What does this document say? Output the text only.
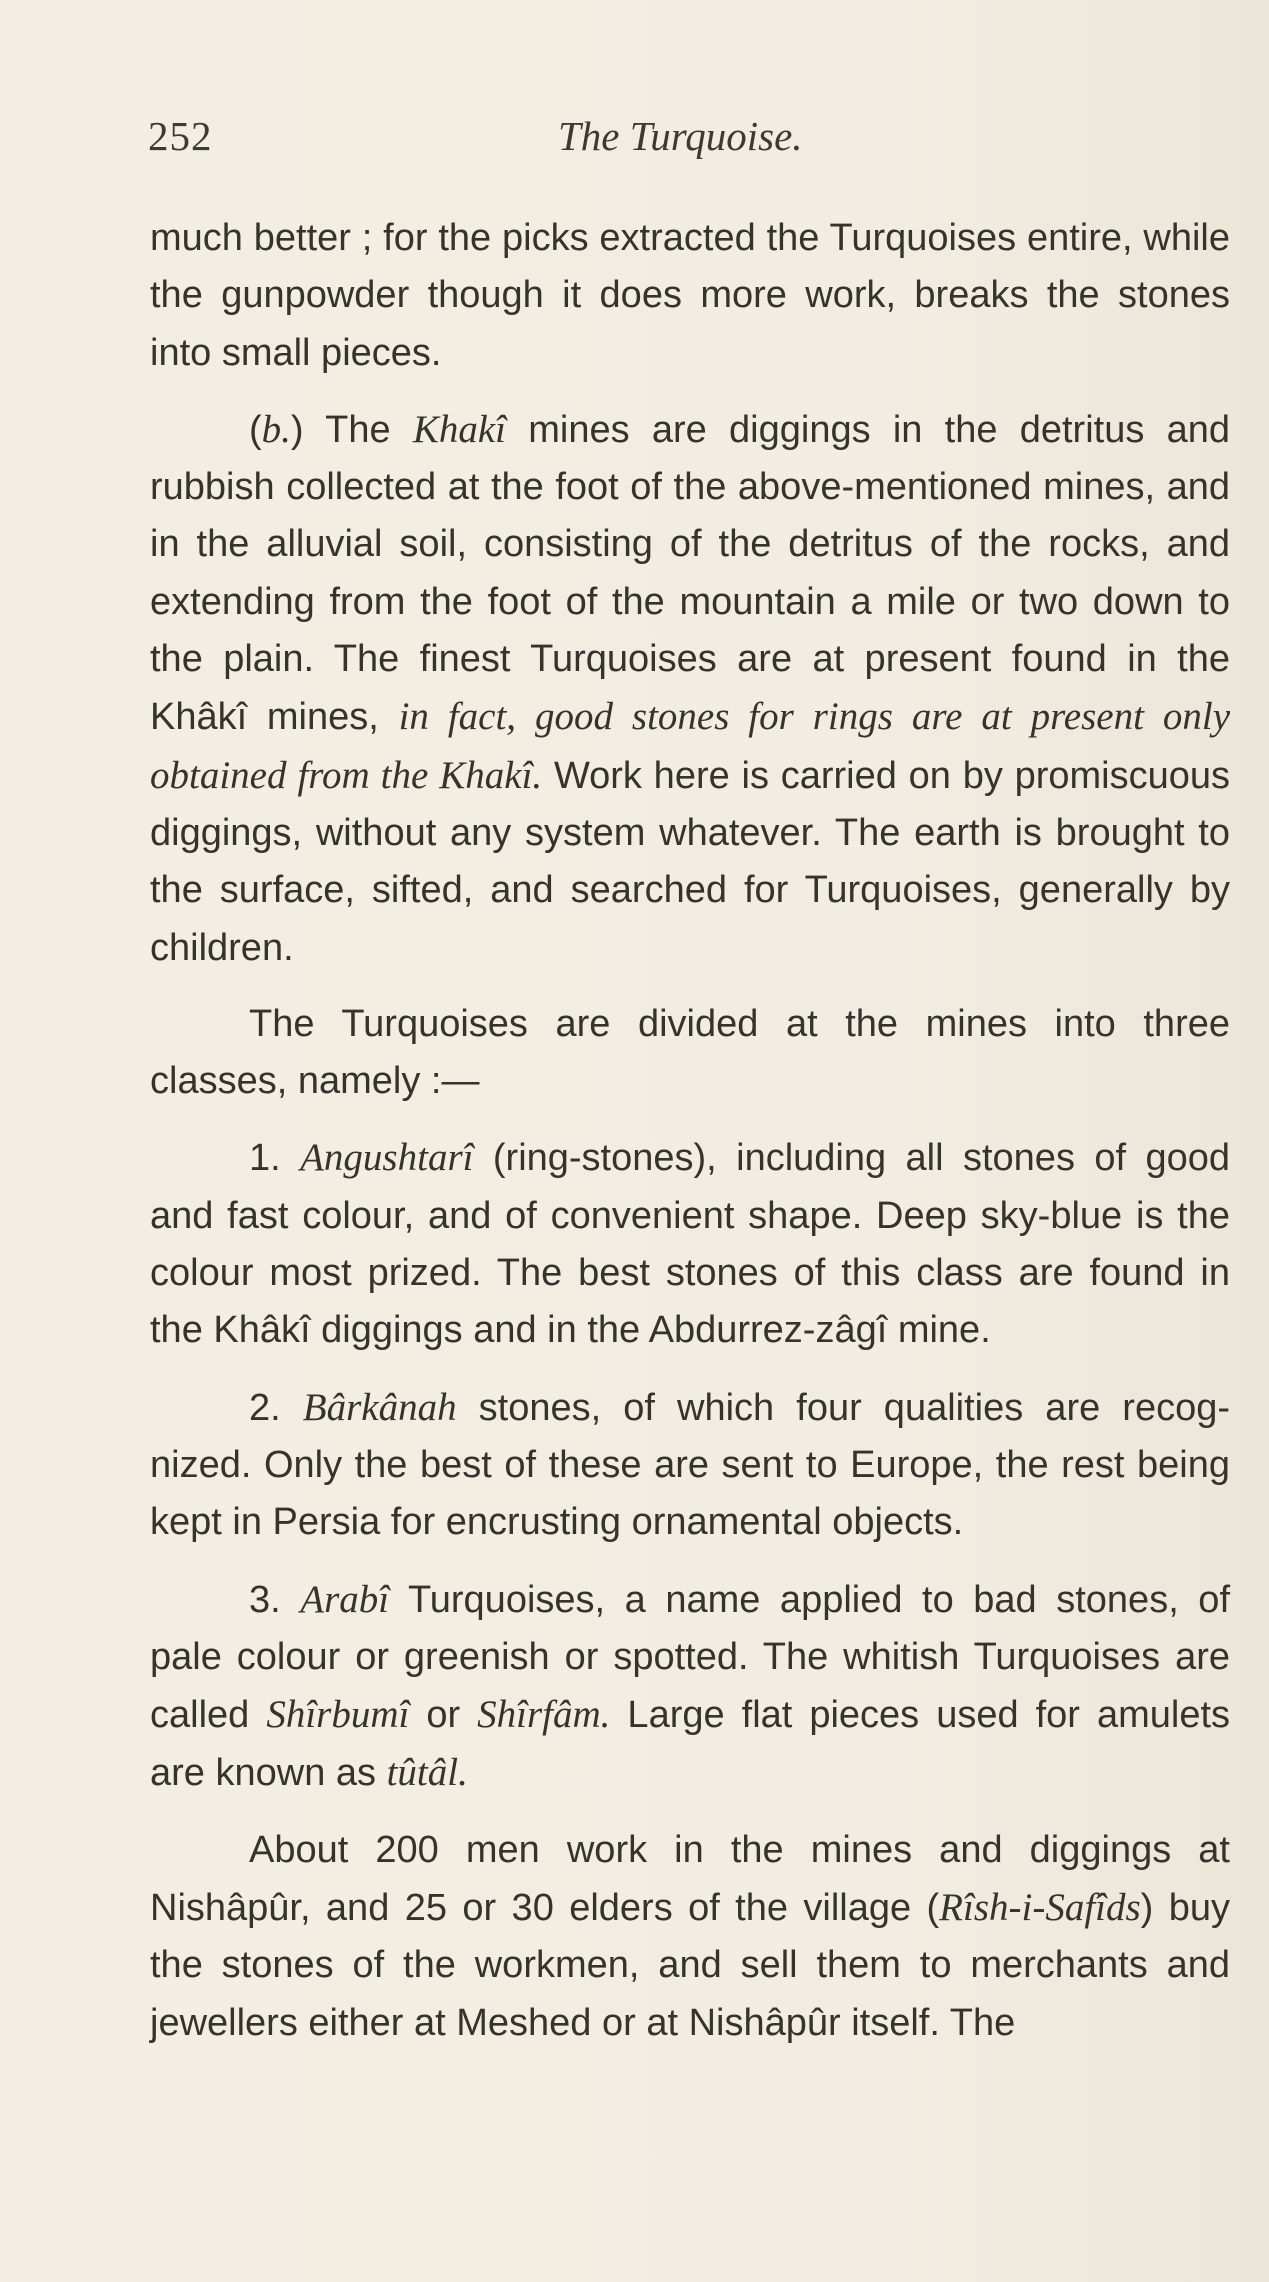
252	The Turquoise.

much better ; for the picks extracted the Turquoises entire, while the gunpowder though it does more work, breaks the stones into small pieces.

(b.) The Khakî mines are diggings in the detritus and rubbish collected at the foot of the above-mentioned mines, and in the alluvial soil, consisting of the detritus of the rocks, and extending from the foot of the mountain a mile or two down to the plain. The finest Turquoises are at present found in the Khâkî mines, in fact, good stones for rings are at present only obtained from the Khakî. Work here is carried on by promiscuous diggings, without any system whatever. The earth is brought to the surface, sifted, and searched for Turquoises, generally by children.

The Turquoises are divided at the mines into three classes, namely :—

1. Angushtarî (ring-stones), including all stones of good and fast colour, and of convenient shape. Deep sky-blue is the colour most prized. The best stones of this class are found in the Khâkî diggings and in the Abdurrez-zâgî mine.

2. Bârkânah stones, of which four qualities are recog-nized. Only the best of these are sent to Europe, the rest being kept in Persia for encrusting ornamental objects.

3. Arabî Turquoises, a name applied to bad stones, of pale colour or greenish or spotted. The whitish Turquoises are called Shîrbumî or Shîrfâm. Large flat pieces used for amulets are known as tûtâl.

About 200 men work in the mines and diggings at Nishâpûr, and 25 or 30 elders of the village (Rîsh-i-Safîds) buy the stones of the workmen, and sell them to merchants and jewellers either at Meshed or at Nishâpûr itself. The
